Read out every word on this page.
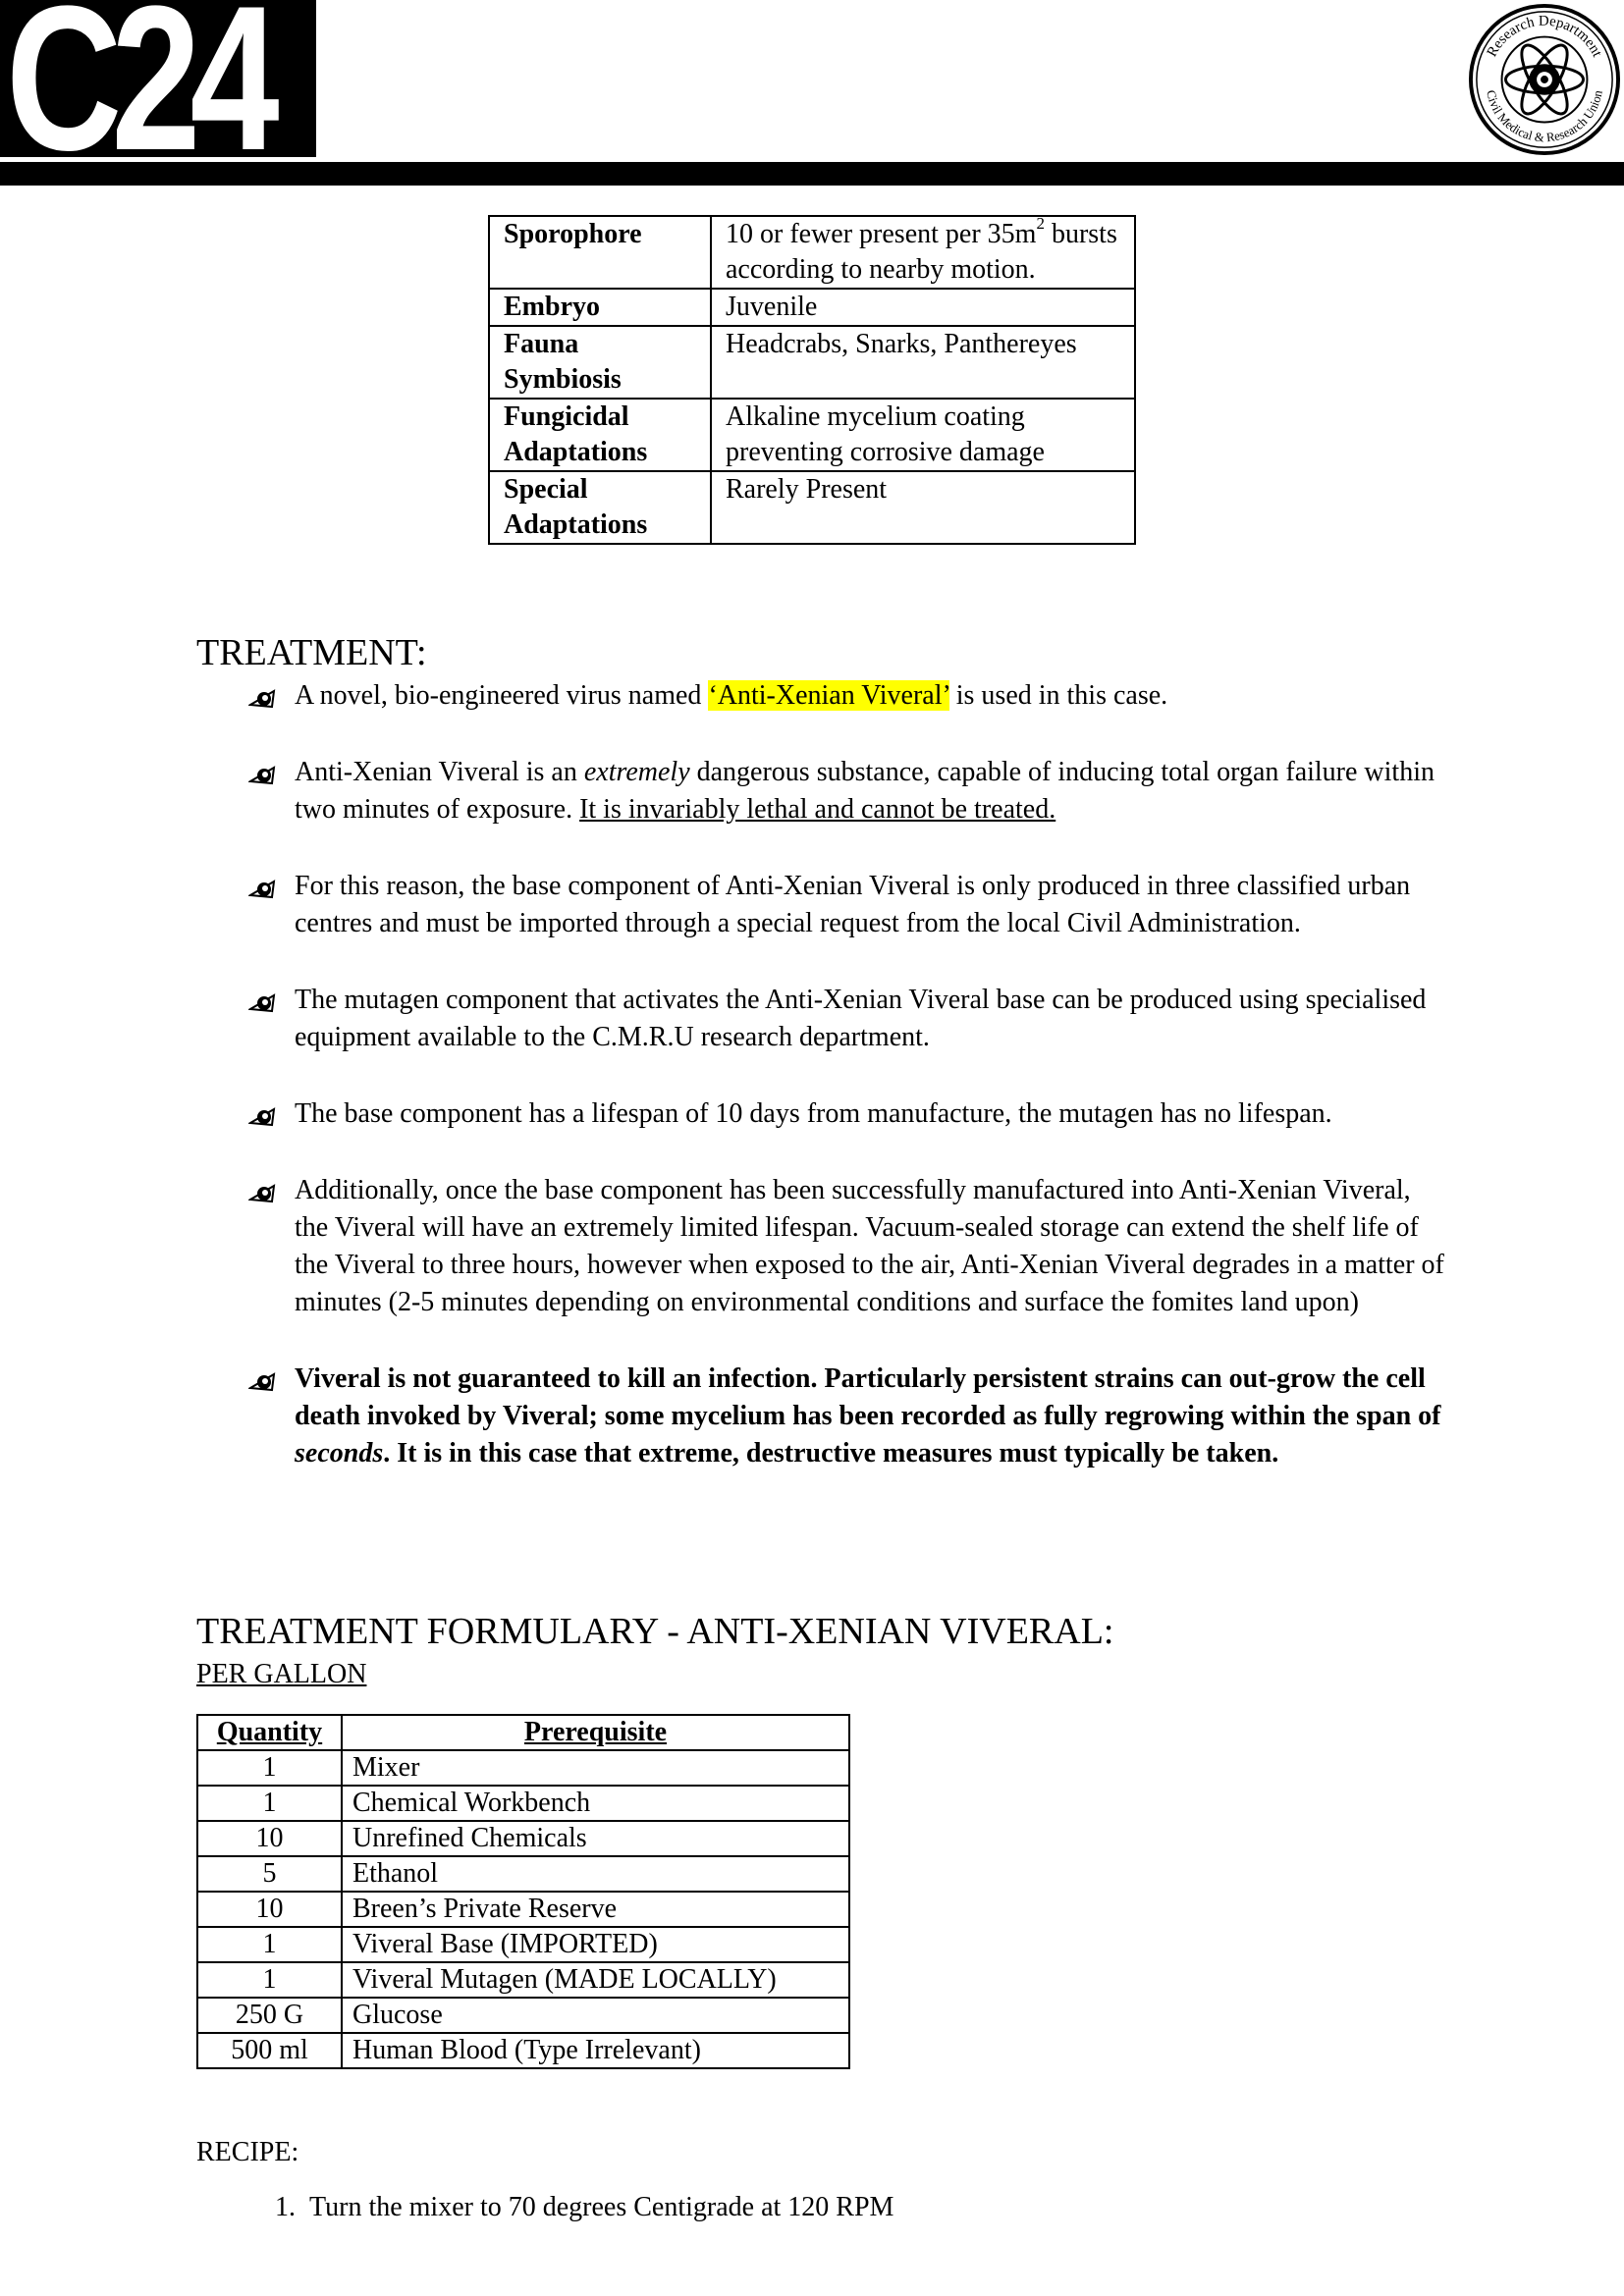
C24	Research Department
Civil Medical & Research Union
Sporophore	10 or fewer present per $35m^2$ bursts according to nearby motion.
Embryo	Juvenile
Fauna Symbiosis	Headcrabs, Snarks, Panthereyes
Fungicidal Adaptations	Alkaline mycelium coating preventing corrosive damage
Special Adaptations	Rarely Present
TREATMENT:
A novel, bio-engineered virus named ‘Anti-Xenian Viveral’ is used in this case.
Anti-Xenian Viveral is an extremely dangerous substance, capable of inducing total organ failure within two minutes of exposure. It is invariably lethal and cannot be treated.
For this reason, the base component of Anti-Xenian Viveral is only produced in three classified urban centres and must be imported through a special request from the local Civil Administration.
The mutagen component that activates the Anti-Xenian Viveral base can be produced using specialised equipment available to the C.M.R.U research department.
The base component has a lifespan of 10 days from manufacture, the mutagen has no lifespan.
Additionally, once the base component has been successfully manufactured into Anti-Xenian Viveral, the Viveral will have an extremely limited lifespan. Vacuum-sealed storage can extend the shelf life of the Viveral to three hours, however when exposed to the air, Anti-Xenian Viveral degrades in a matter of minutes (2-5 minutes depending on environmental conditions and surface the fomites land upon)
Viveral is not guaranteed to kill an infection. Particularly persistent strains can out-grow the cell death invoked by Viveral; some mycelium has been recorded as fully regrowing within the span of seconds. It is in this case that extreme, destructive measures must typically be taken.
TREATMENT FORMULARY - ANTI-XENIAN VIVERAL:

PER GALLON

Quantity	Prerequisite
1	Mixer
1	Chemical Workbench
10	Unrefined Chemicals
5	Ethanol
10	Breen’s Private Reserve
1	Viveral Base (IMPORTED)
1	Viveral Mutagen (MADE LOCALLY)
250 G	Glucose
500 ml	Human Blood (Type Irrelevant)

RECIPE:

1. Turn the mixer to 70 degrees Centigrade at 120 RPM
